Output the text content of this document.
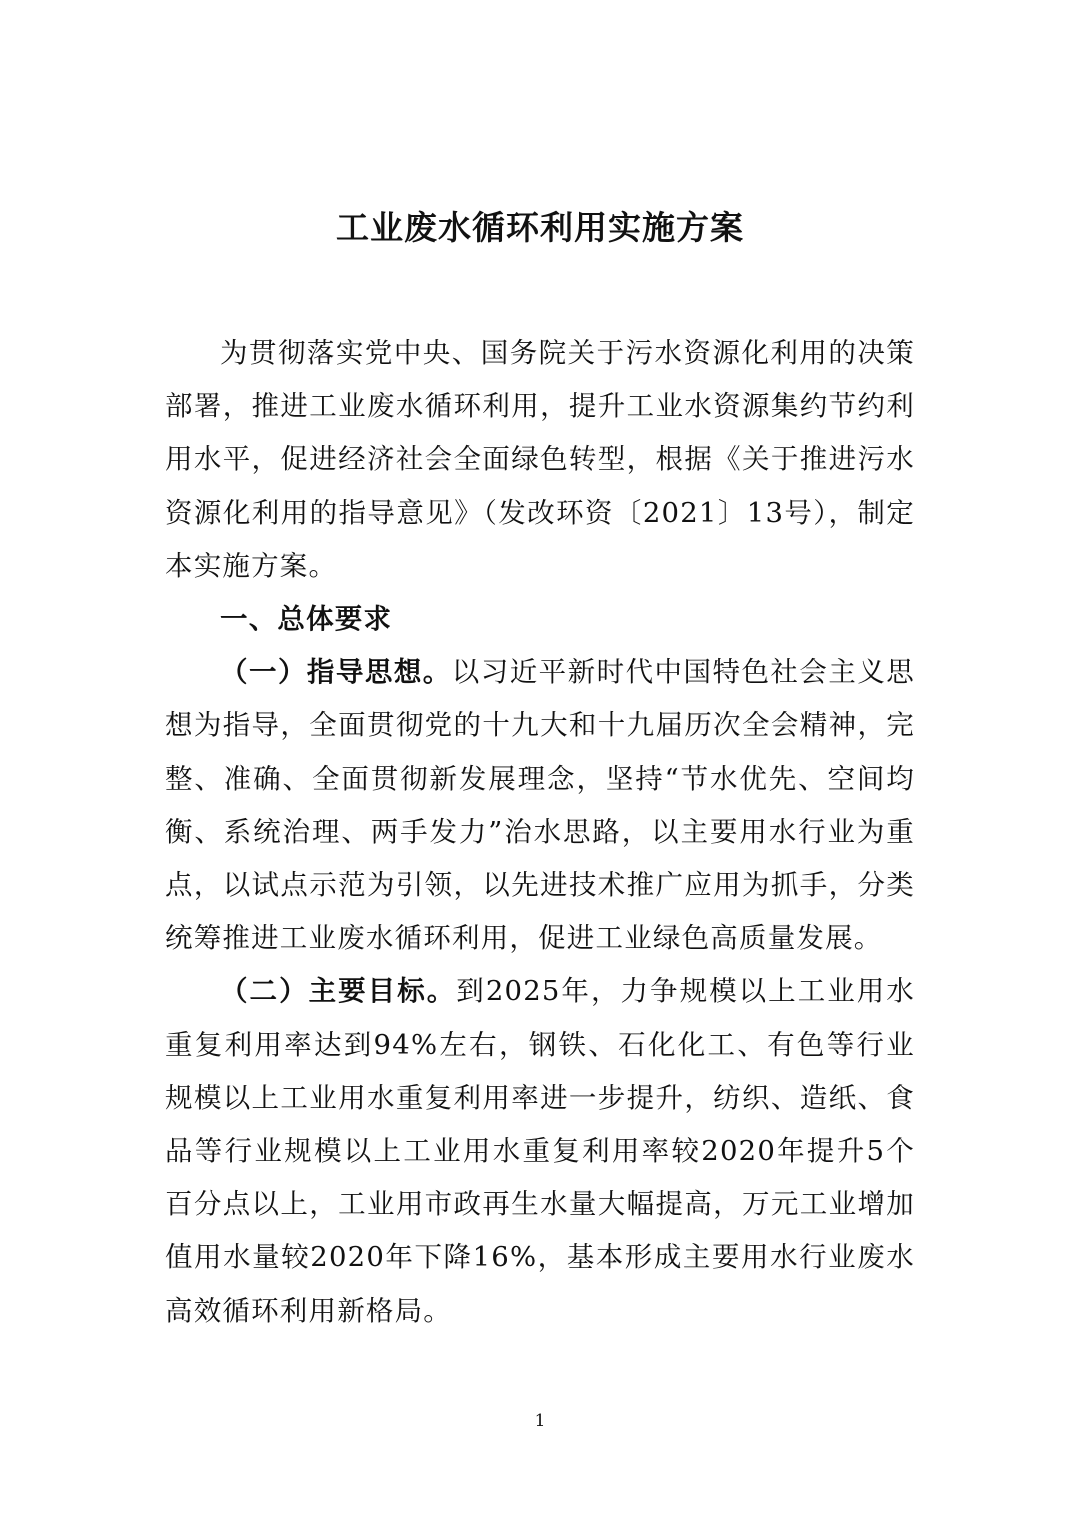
工业废水循环利用实施方案

为贯彻落实党中央、国务院关于污水资源化利用的决策部署，推进工业废水循环利用，提升工业水资源集约节约利用水平，促进经济社会全面绿色转型，根据《关于推进污水资源化利用的指导意见》（发改环资〔2021〕13号），制定本实施方案。

一、总体要求

（一）指导思想。以习近平新时代中国特色社会主义思想为指导，全面贯彻党的十九大和十九届历次全会精神，完整、准确、全面贯彻新发展理念，坚持“节水优先、空间均衡、系统治理、两手发力”治水思路，以主要用水行业为重点，以试点示范为引领，以先进技术推广应用为抓手，分类统筹推进工业废水循环利用，促进工业绿色高质量发展。

（二）主要目标。到2025年，力争规模以上工业用水重复利用率达到94%左右，钢铁、石化化工、有色等行业规模以上工业用水重复利用率进一步提升，纺织、造纸、食品等行业规模以上工业用水重复利用率较2020年提升5个百分点以上，工业用市政再生水量大幅提高，万元工业增加值用水量较2020年下降16%，基本形成主要用水行业废水高效循环利用新格局。

1
